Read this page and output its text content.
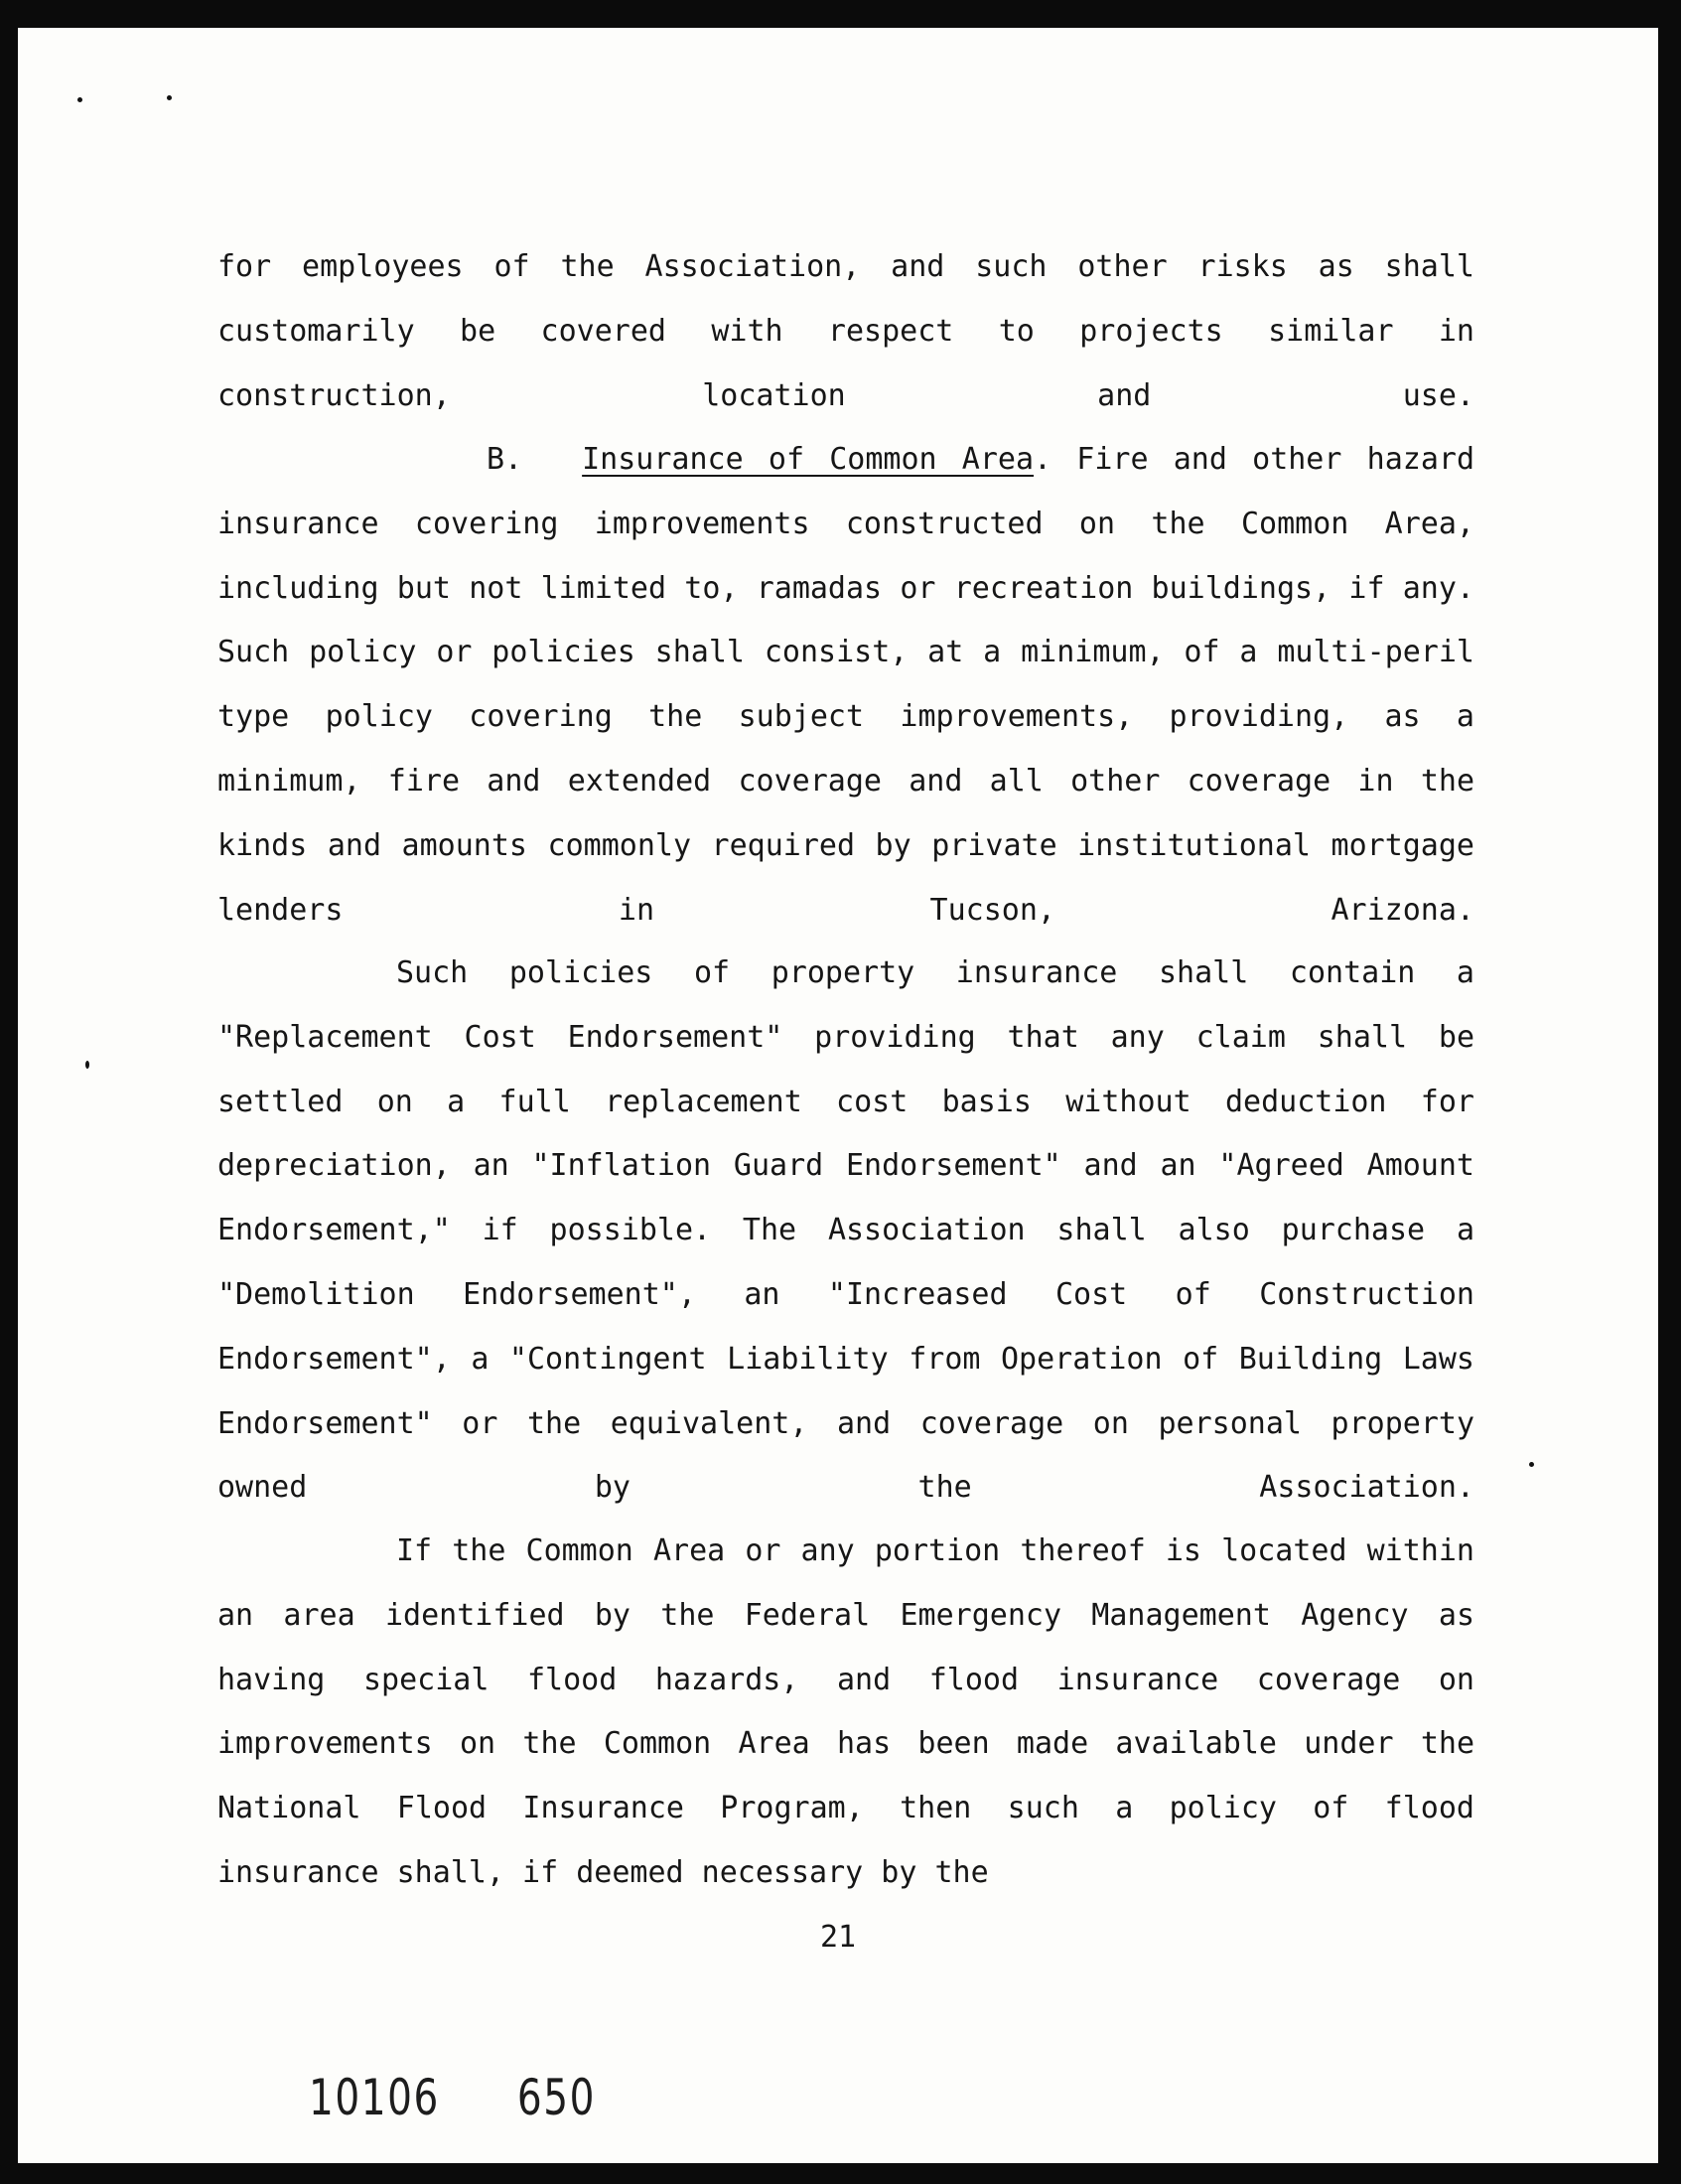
for employees of the Association, and such other risks as shall customarily be covered with respect to projects similar in construction, location and use.
B. Insurance of Common Area. Fire and other hazard insurance covering improvements constructed on the Common Area, including but not limited to, ramadas or recreation buildings, if any. Such policy or policies shall consist, at a minimum, of a multi-peril type policy covering the subject improvements, providing, as a minimum, fire and extended coverage and all other coverage in the kinds and amounts commonly required by private institutional mortgage lenders in Tucson, Arizona.
Such policies of property insurance shall contain a "Replacement Cost Endorsement" providing that any claim shall be settled on a full replacement cost basis without deduction for depreciation, an "Inflation Guard Endorsement" and an "Agreed Amount Endorsement," if possible. The Association shall also purchase a "Demolition Endorsement", an "Increased Cost of Construction Endorsement", a "Contingent Liability from Operation of Building Laws Endorsement" or the equivalent, and coverage on personal property owned by the Association.
If the Common Area or any portion thereof is located within an area identified by the Federal Emergency Management Agency as having special flood hazards, and flood insurance coverage on improvements on the Common Area has been made available under the National Flood Insurance Program, then such a policy of flood insurance shall, if deemed necessary by the
21
10106 650
